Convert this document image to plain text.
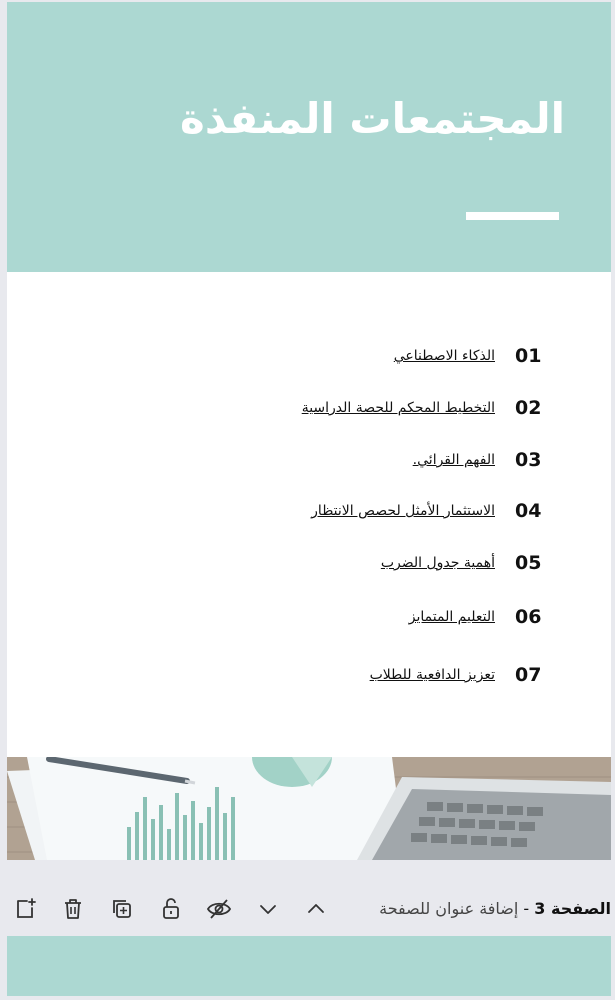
المجتمعات المنفذة
01
الذكاء الاصطناعي
02
التخطيط المحكم للحصة الدراسية
03
الفهم القرائي.
04
الاستثمار الأمثل لحصص الانتظار
05
أهمية جدول الضرب
06
التعليم المتمايز
07
تعزيز الدافعية للطلاب
الصفحة 3 - إضافة عنوان للصفحة
